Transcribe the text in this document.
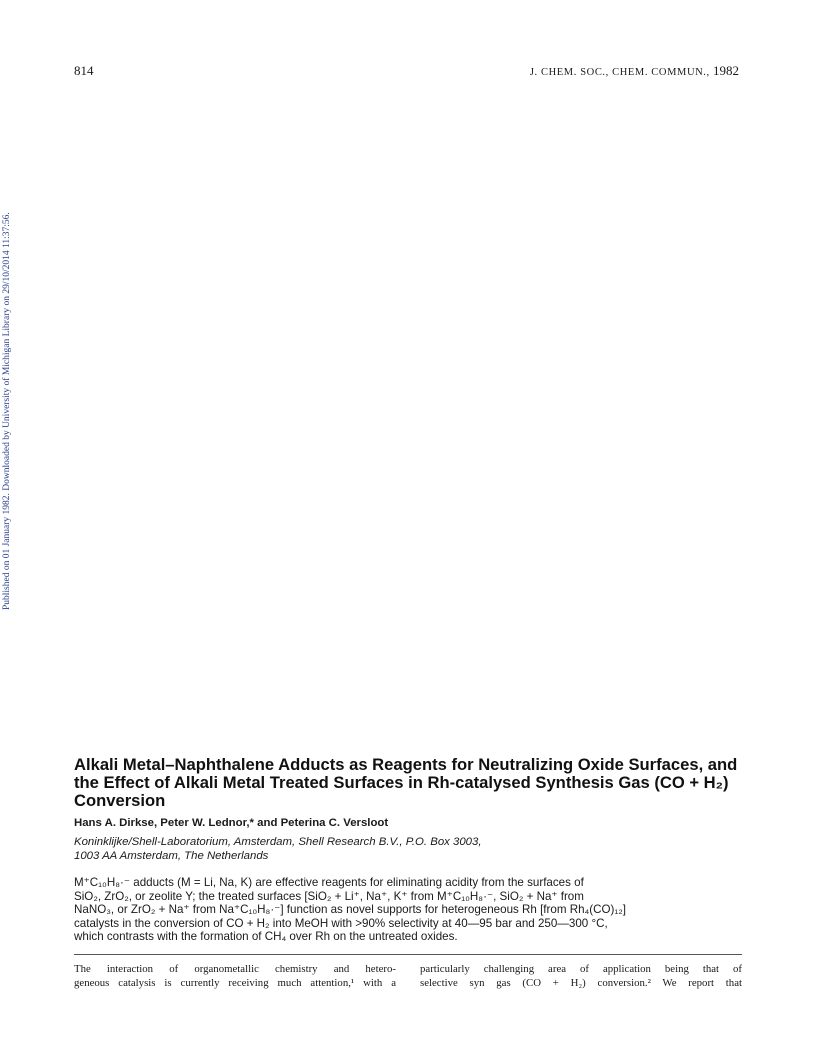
814	J. CHEM. SOC., CHEM. COMMUN., 1982
Published on 01 January 1982. Downloaded by University of Michigan Library on 29/10/2014 11:37:56.
Alkali Metal–Naphthalene Adducts as Reagents for Neutralizing Oxide Surfaces, and the Effect of Alkali Metal Treated Surfaces in Rh-catalysed Synthesis Gas (CO + H₂) Conversion
Hans A. Dirkse, Peter W. Lednor,* and Peterina C. Versloot
Koninklijke/Shell-Laboratorium, Amsterdam, Shell Research B.V., P.O. Box 3003,
1003 AA Amsterdam, The Netherlands
M⁺C₁₀H₈·⁻ adducts (M = Li, Na, K) are effective reagents for eliminating acidity from the surfaces of
SiO₂, ZrO₂, or zeolite Y; the treated surfaces [SiO₂ + Li⁺, Na⁺, K⁺ from M⁺C₁₀H₈·⁻, SiO₂ + Na⁺ from
NaNO₃, or ZrO₂ + Na⁺ from Na⁺C₁₀H₈·⁻] function as novel supports for heterogeneous Rh [from Rh₄(CO)₁₂]
catalysts in the conversion of CO + H₂ into MeOH with >90% selectivity at 40—95 bar and 250—300 °C,
which contrasts with the formation of CH₄ over Rh on the untreated oxides.
The interaction of organometallic chemistry and hetero-
geneous catalysis is currently receiving much attention,¹ with a
particularly challenging area of application being that of
selective syn gas (CO + H₂) conversion.² We report that
